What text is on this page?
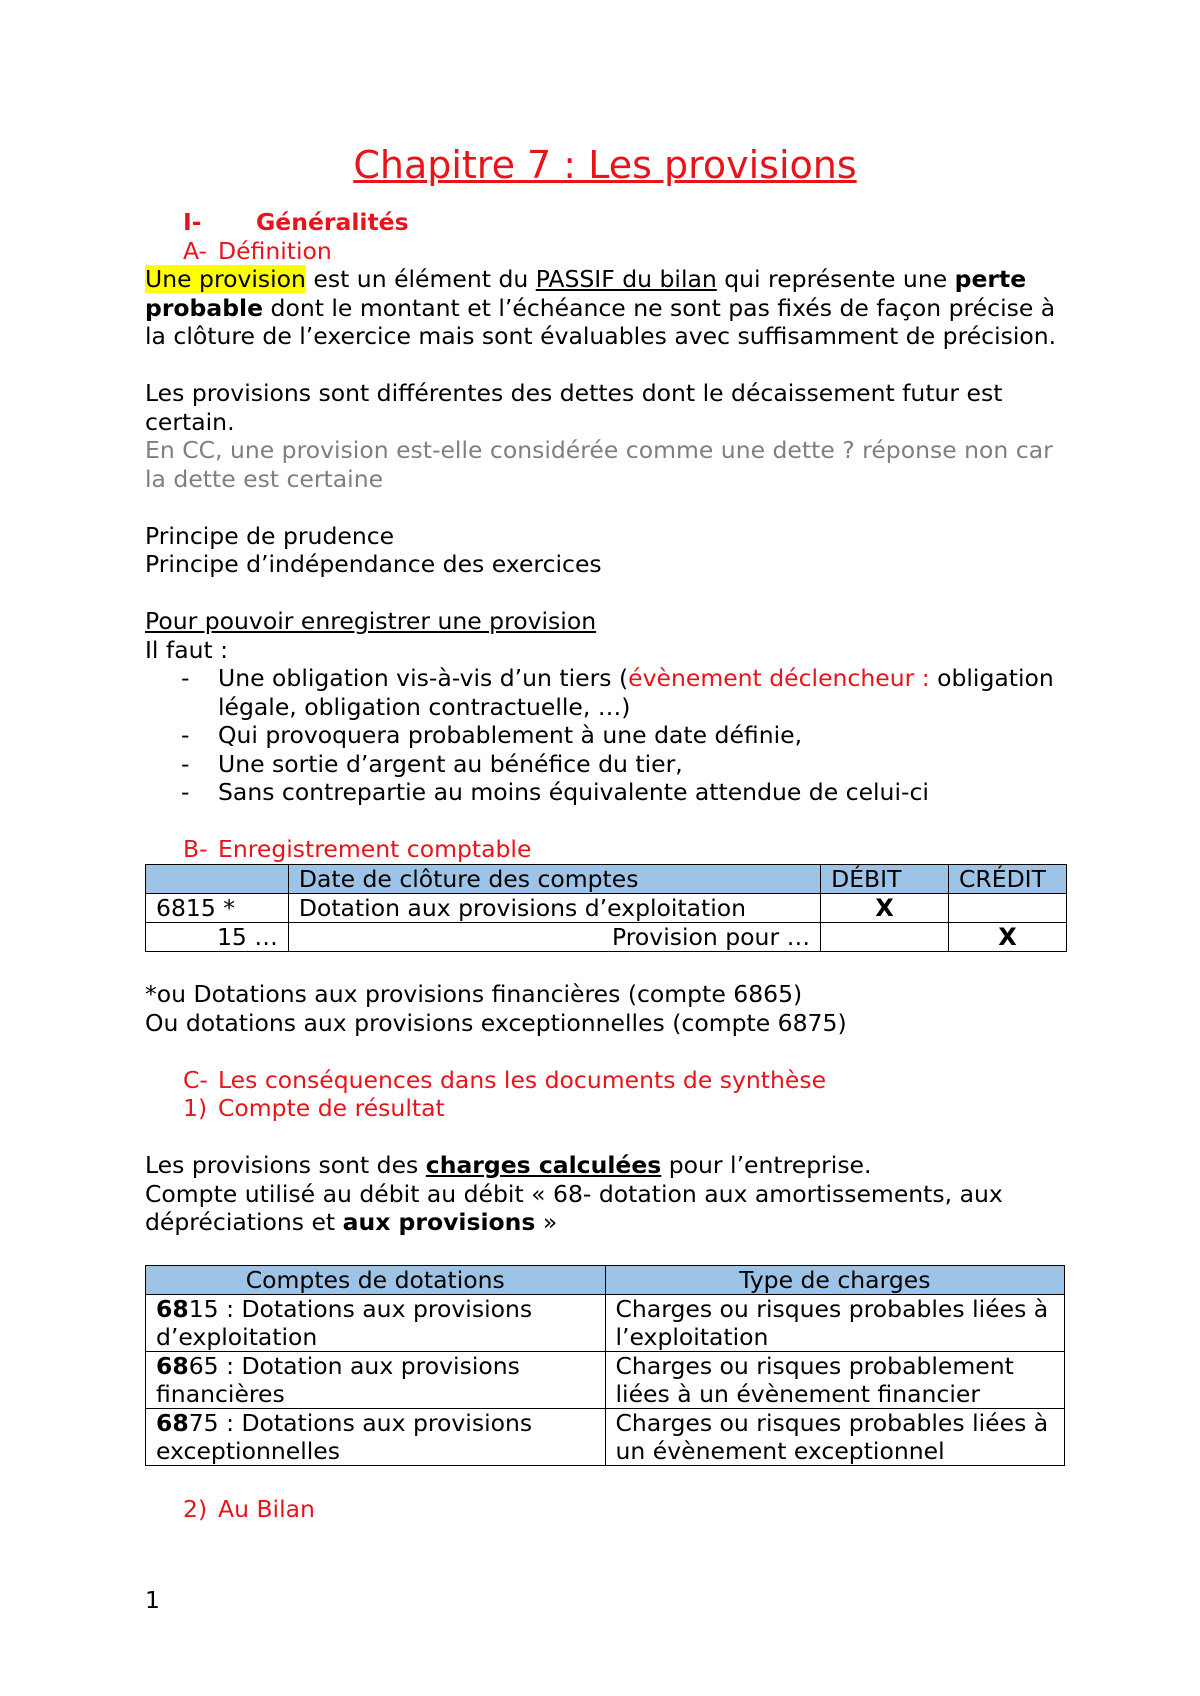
Chapitre 7 : Les provisions
I- Généralités
A- Définition
Une provision est un élément du PASSIF du bilan qui représente une perte probable dont le montant et l’échéance ne sont pas fixés de façon précise à la clôture de l’exercice mais sont évaluables avec suffisamment de précision.
Les provisions sont différentes des dettes dont le décaissement futur est certain.
En CC, une provision est-elle considérée comme une dette ? réponse non car la dette est certaine
Principe de prudence
Principe d’indépendance des exercices
Pour pouvoir enregistrer une provision
Il faut :
- Une obligation vis-à-vis d’un tiers (évènement déclencheur : obligation légale, obligation contractuelle, …)
- Qui provoquera probablement à une date définie,
- Une sortie d’argent au bénéfice du tier,
- Sans contrepartie au moins équivalente attendue de celui-ci
B- Enregistrement comptable
	Date de clôture des comptes	DÉBIT	CRÉDIT
6815 *	Dotation aux provisions d’exploitation	X	
15 …	Provision pour …		X
*ou Dotations aux provisions financières (compte 6865)
Ou dotations aux provisions exceptionnelles (compte 6875)
C- Les conséquences dans les documents de synthèse
1) Compte de résultat
Les provisions sont des charges calculées pour l’entreprise.
Compte utilisé au débit au débit « 68- dotation aux amortissements, aux dépréciations et aux provisions »
Comptes de dotations	Type de charges
6815 : Dotations aux provisions d’exploitation	Charges ou risques probables liées à l’exploitation
6865 : Dotation aux provisions financières	Charges ou risques probablement liées à un évènement financier
6875 : Dotations aux provisions exceptionnelles	Charges ou risques probables liées à un évènement exceptionnel
2) Au Bilan
1
